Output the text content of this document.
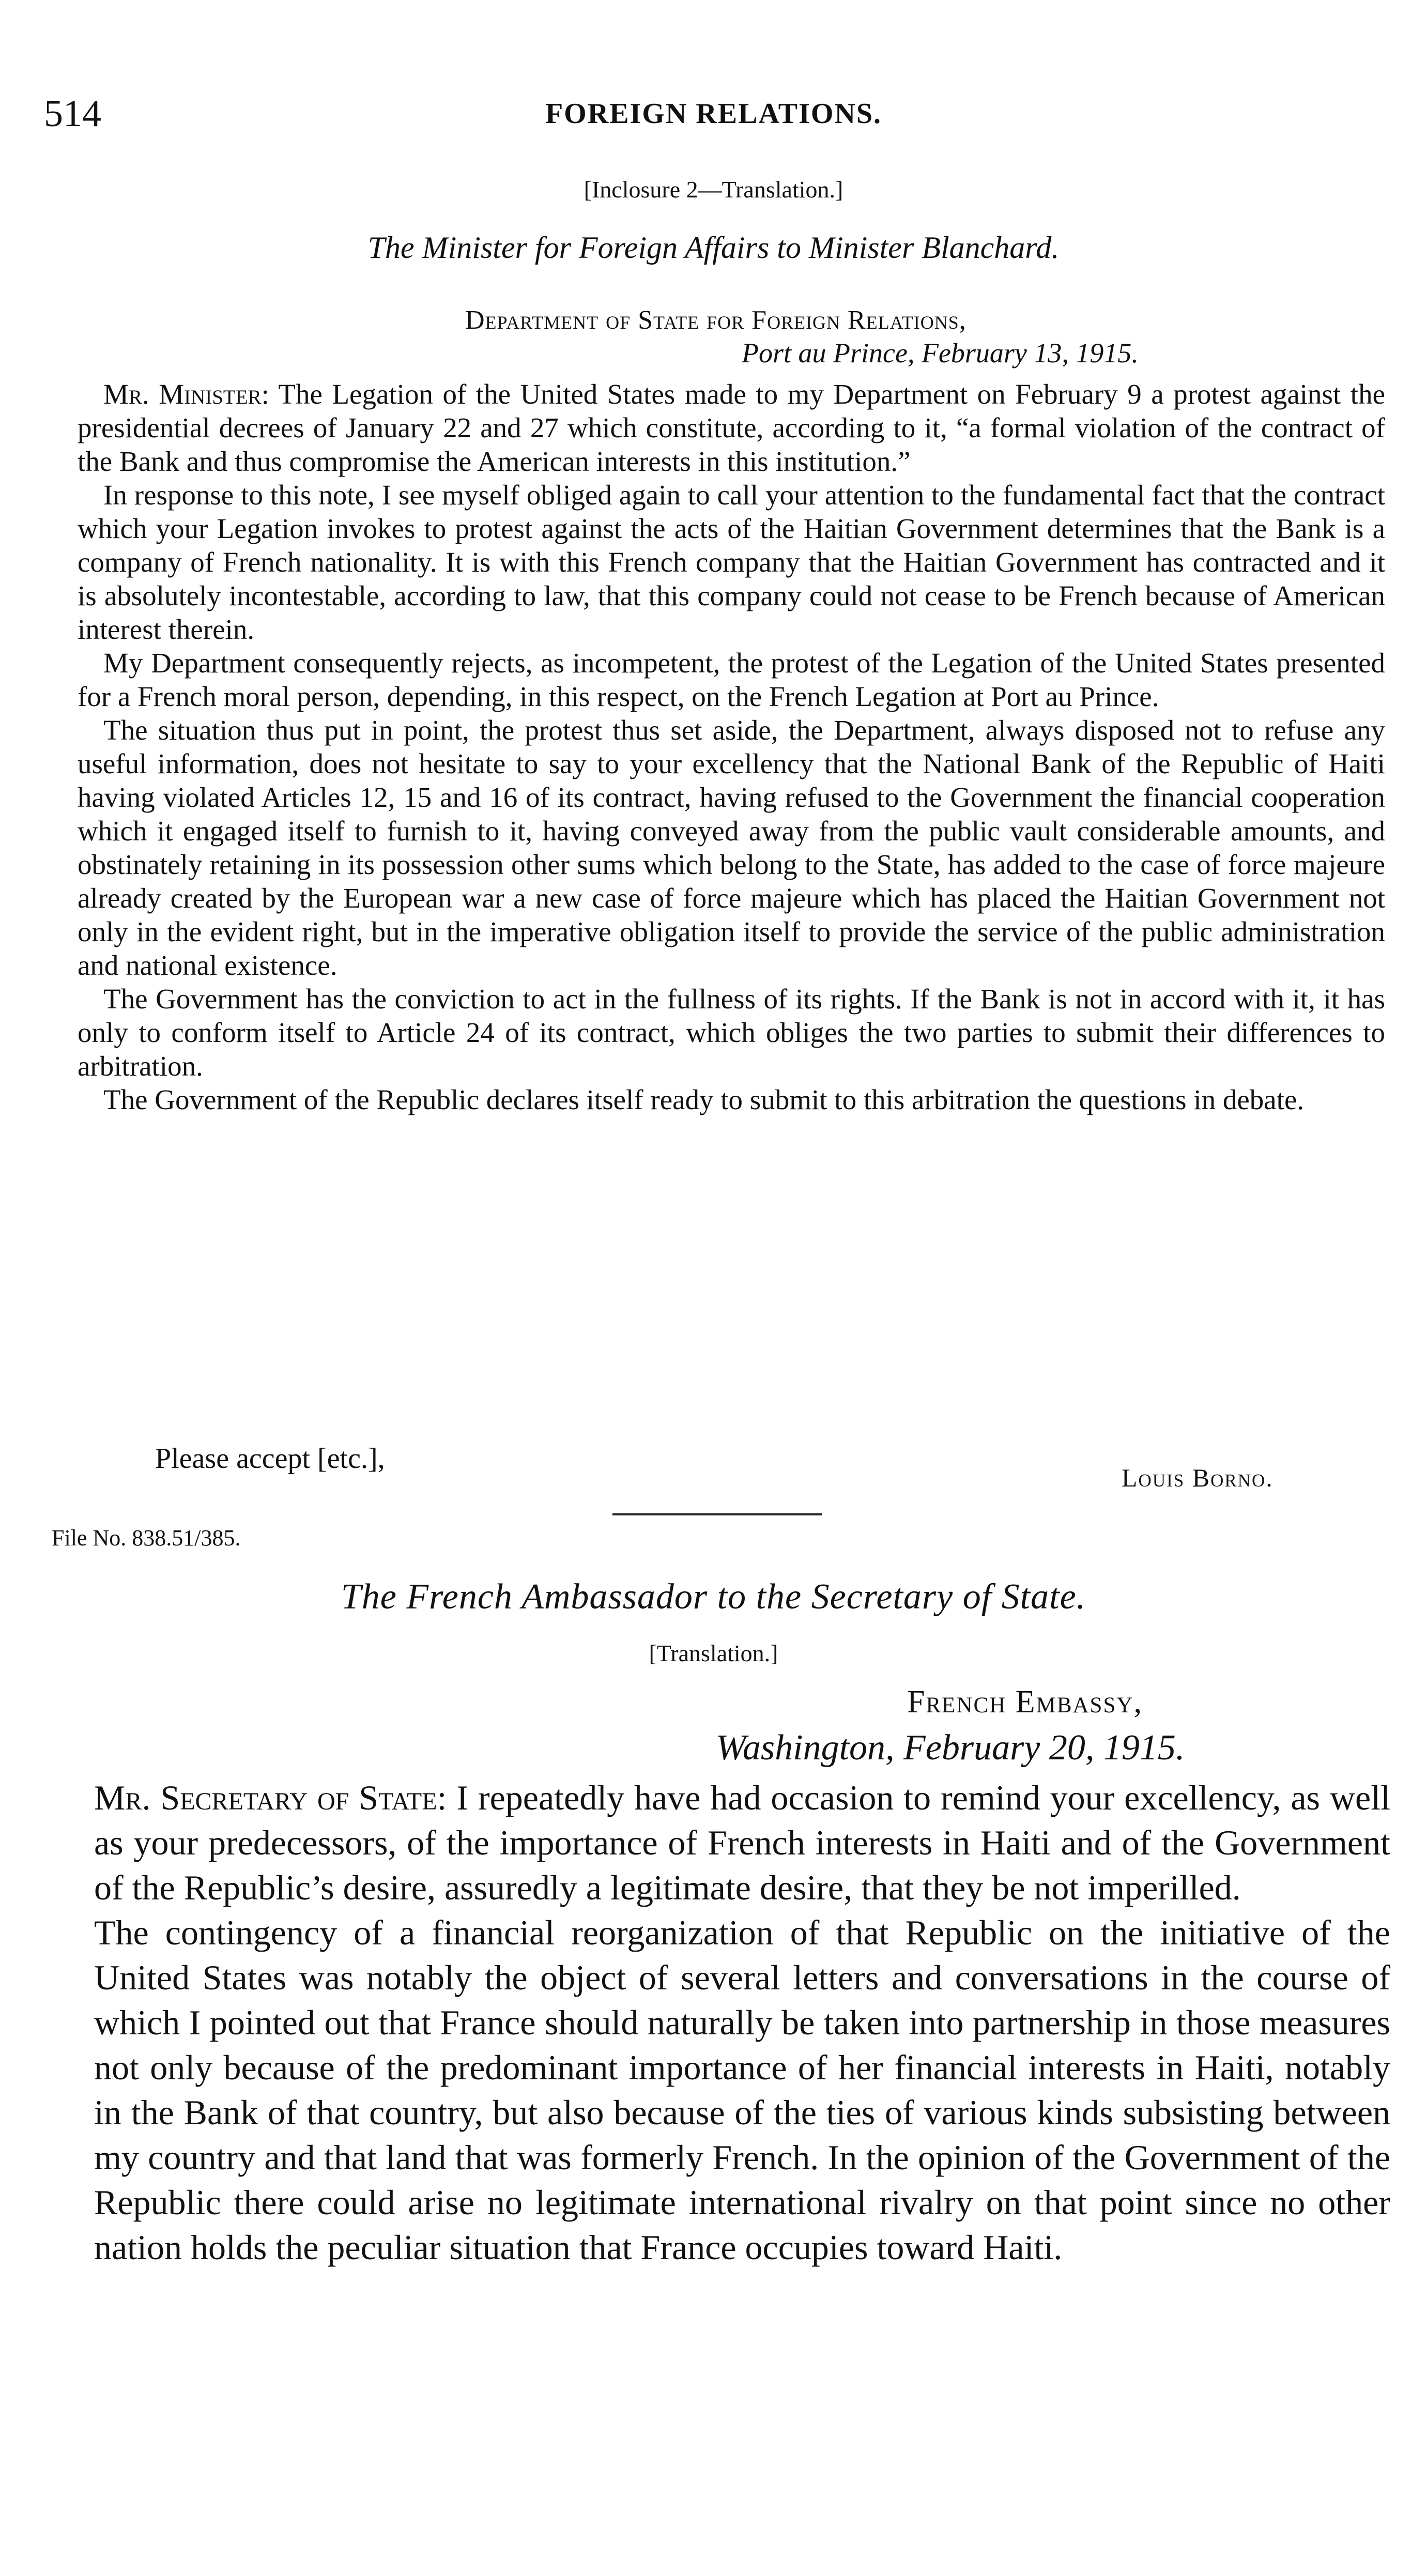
514	FOREIGN RELATIONS.
[Inclosure 2—Translation.]
The Minister for Foreign Affairs to Minister Blanchard.
Department of State for Foreign Relations,
Port au Prince, February 13, 1915.

Mr. Minister: The Legation of the United States made to my Department on February 9 a protest against the presidential decrees of January 22 and 27 which constitute, according to it, “a formal violation of the contract of the Bank and thus compromise the American interests in this institution.”

In response to this note, I see myself obliged again to call your attention to the fundamental fact that the contract which your Legation invokes to protest against the acts of the Haitian Government determines that the Bank is a company of French nationality. It is with this French company that the Haitian Government has contracted and it is absolutely incontestable, according to law, that this company could not cease to be French because of American interest therein.

My Department consequently rejects, as incompetent, the protest of the Legation of the United States presented for a French moral person, depending, in this respect, on the French Legation at Port au Prince.

The situation thus put in point, the protest thus set aside, the Department, always disposed not to refuse any useful information, does not hesitate to say to your excellency that the National Bank of the Republic of Haiti having violated Articles 12, 15 and 16 of its contract, having refused to the Government the financial cooperation which it engaged itself to furnish to it, having conveyed away from the public vault considerable amounts, and obstinately retaining in its possession other sums which belong to the State, has added to the case of force majeure already created by the European war a new case of force majeure which has placed the Haitian Government not only in the evident right, but in the imperative obligation itself to provide the service of the public administration and national existence.

The Government has the conviction to act in the fullness of its rights. If the Bank is not in accord with it, it has only to conform itself to Article 24 of its contract, which obliges the two parties to submit their differences to arbitration.

The Government of the Republic declares itself ready to submit to this arbitration the questions in debate.

Please accept [etc.],
Louis Borno.
File No. 838.51/385.
The French Ambassador to the Secretary of State.
[Translation.]
French Embassy,
Washington, February 20, 1915.

Mr. Secretary of State: I repeatedly have had occasion to remind your excellency, as well as your predecessors, of the importance of French interests in Haiti and of the Government of the Republic’s desire, assuredly a legitimate desire, that they be not imperilled.

The contingency of a financial reorganization of that Republic on the initiative of the United States was notably the object of several letters and conversations in the course of which I pointed out that France should naturally be taken into partnership in those measures not only because of the predominant importance of her financial interests in Haiti, notably in the Bank of that country, but also because of the ties of various kinds subsisting between my country and that land that was formerly French. In the opinion of the Government of the Republic there could arise no legitimate international rivalry on that point since no other nation holds the peculiar situation that France occupies toward Haiti.
